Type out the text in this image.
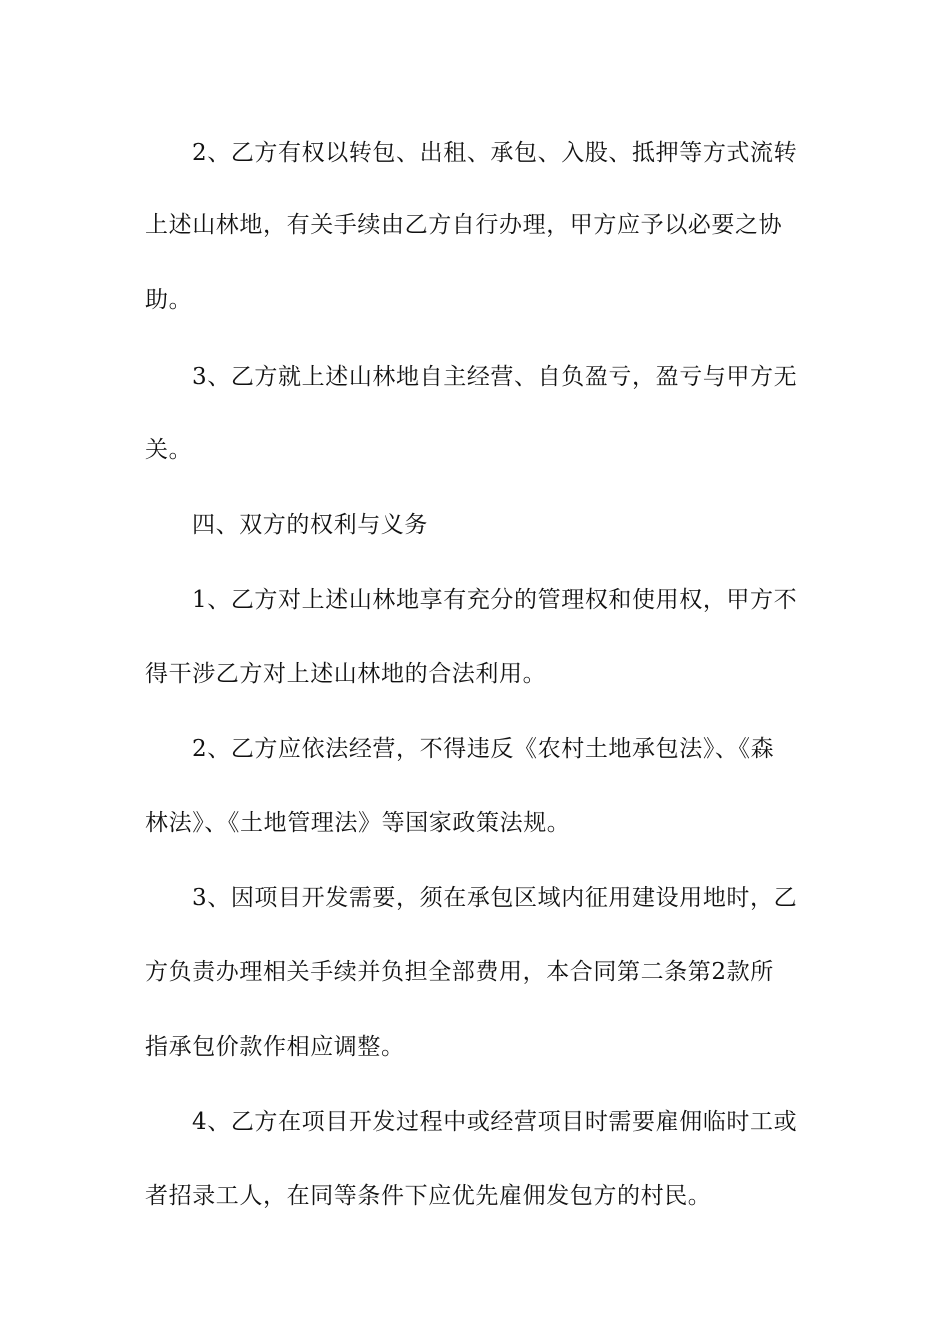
2、乙方有权以转包、出租、承包、入股、抵押等方式流转
上述山林地，有关手续由乙方自行办理，甲方应予以必要之协
助。
3、乙方就上述山林地自主经营、自负盈亏，盈亏与甲方无
关。
四、双方的权利与义务
1、乙方对上述山林地享有充分的管理权和使用权，甲方不
得干涉乙方对上述山林地的合法利用。
2、乙方应依法经营，不得违反《农村土地承包法》、《森
林法》、《土地管理法》等国家政策法规。
3、因项目开发需要，须在承包区域内征用建设用地时，乙
方负责办理相关手续并负担全部费用，本合同第二条第2款所
指承包价款作相应调整。
4、乙方在项目开发过程中或经营项目时需要雇佣临时工或
者招录工人，在同等条件下应优先雇佣发包方的村民。
